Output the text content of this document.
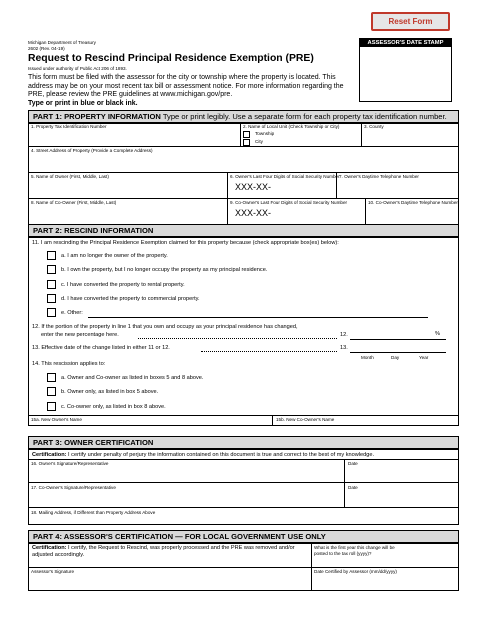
Reset Form
Michigan Department of Treasury
2602 (Rev. 04-19)
ASSESSOR'S DATE STAMP
Request to Rescind Principal Residence Exemption (PRE)
Issued under authority of Public Act 206 of 1893.
This form must be filed with the assessor for the city or township where the property is located. This address may be on your most recent tax bill or assessment notice. For more information regarding the PRE, please review the PRE guidelines at www.michigan.gov/pre.
Type or print in blue or black ink.
PART 1: PROPERTY INFORMATION Type or print legibly. Use a separate form for each property tax identification number.
1. Property Tax Identification Number	2. Name of Local Unit (Check Township or City)
Township
City
3. County
4. Street Address of Property (Provide a Complete Address)
5. Name of Owner (First, Middle, Last)	6. Owner's Last Four Digits of Social Security Number
XXX-XX-
7. Owner's Daytime Telephone Number
8. Name of Co-Owner (First, Middle, Last)	9. Co-Owner's Last Four Digits of Social Security Number
XXX-XX-
10. Co-Owner's Daytime Telephone Number
PART 2: RESCIND INFORMATION
11. I am rescinding the Principal Residence Exemption claimed for this property because (check appropriate box(es) below):
a. I am no longer the owner of the property.
b. I own the property, but I no longer occupy the property as my principal residence.
c. I have converted the property to rental property.
d. I have converted the property to commercial property.
e. Other:
12. If the portion of the property in line 1 that you own and occupy as your principal residence has changed,
enter the new percentage here.	12.	%
13. Effective date of the change listed in either 11 or 12.	13.
Month	Day	Year
14. This rescission applies to:
a. Owner and Co-owner as listed in boxes 5 and 8 above.
b. Owner only, as listed in box 5 above.
c. Co-owner only, as listed in box 8 above.
15a. New Owner's Name	15b. New Co-Owner's Name
PART 3: OWNER CERTIFICATION
Certification: I certify under penalty of perjury the information contained on this document is true and correct to the best of my knowledge.
16. Owner's Signature/Representative	Date
17. Co-Owner's Signature/Representative	Date
18. Mailing Address, if Different than Property Address Above
PART 4: ASSESSOR'S CERTIFICATION — FOR LOCAL GOVERNMENT USE ONLY
Certification: I certify, the Request to Rescind, was properly processed and the PRE was removed and/or adjusted accordingly.
What is the first year this change will be posted to the tax roll (yyyy)?
Assessor's Signature	Date Certified by Assessor (mm/dd/yyyy)
